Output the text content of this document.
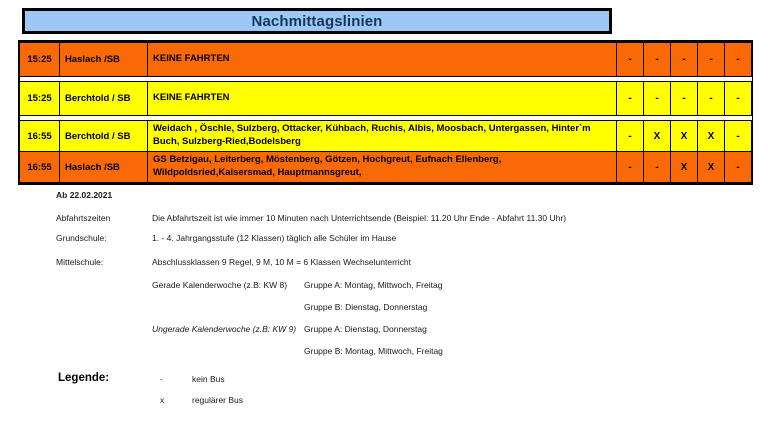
Nachmittagslinien
15:25	Haslach /SB	KEINE FAHRTEN	-	-	-	-	-

15:25	Berchtold / SB	KEINE FAHRTEN	-	-	-	-	-

16:55	Berchtold / SB	Weidach , Öschle, Sulzberg, Ottacker, Kühbach, Ruchis, Albis, Moosbach, Untergassen, Hinter`m Buch, Sulzberg-Ried,Bodelsberg	-	X	X	X	-
16:55	Haslach /SB	GS Betzigau, Leiterberg, Möstenberg, Götzen, Hochgreut, Eufnach Ellenberg, Wildpoldsried,Kaisersmad, Hauptmannsgreut,	-	-	X	X	-
Ab 22.02.2021
Abfahrtszeiten	Die Abfahrtszeit ist wie immer 10 Minuten nach Unterrichtsende (Beispiel: 11.20 Uhr Ende - Abfahrt 11.30 Uhr)
Grundschule:	1. - 4. Jahrgangsstufe (12 Klassen) täglich alle Schüler im Hause
Mittelschule:	Abschlussklassen 9 Regel, 9 M, 10 M = 6 Klassen Wechselunterricht
Gerade Kalenderwoche (z.B: KW 8)	Gruppe A: Montag, Mittwoch, Freitag
Gruppe B: Dienstag, Donnerstag
Ungerade Kalenderwoche (z.B: KW 9) Gruppe A: Dienstag, Donnerstag
Gruppe B: Montag, Mittwoch, Freitag
Legende:	-	kein Bus
x	regulärer Bus
